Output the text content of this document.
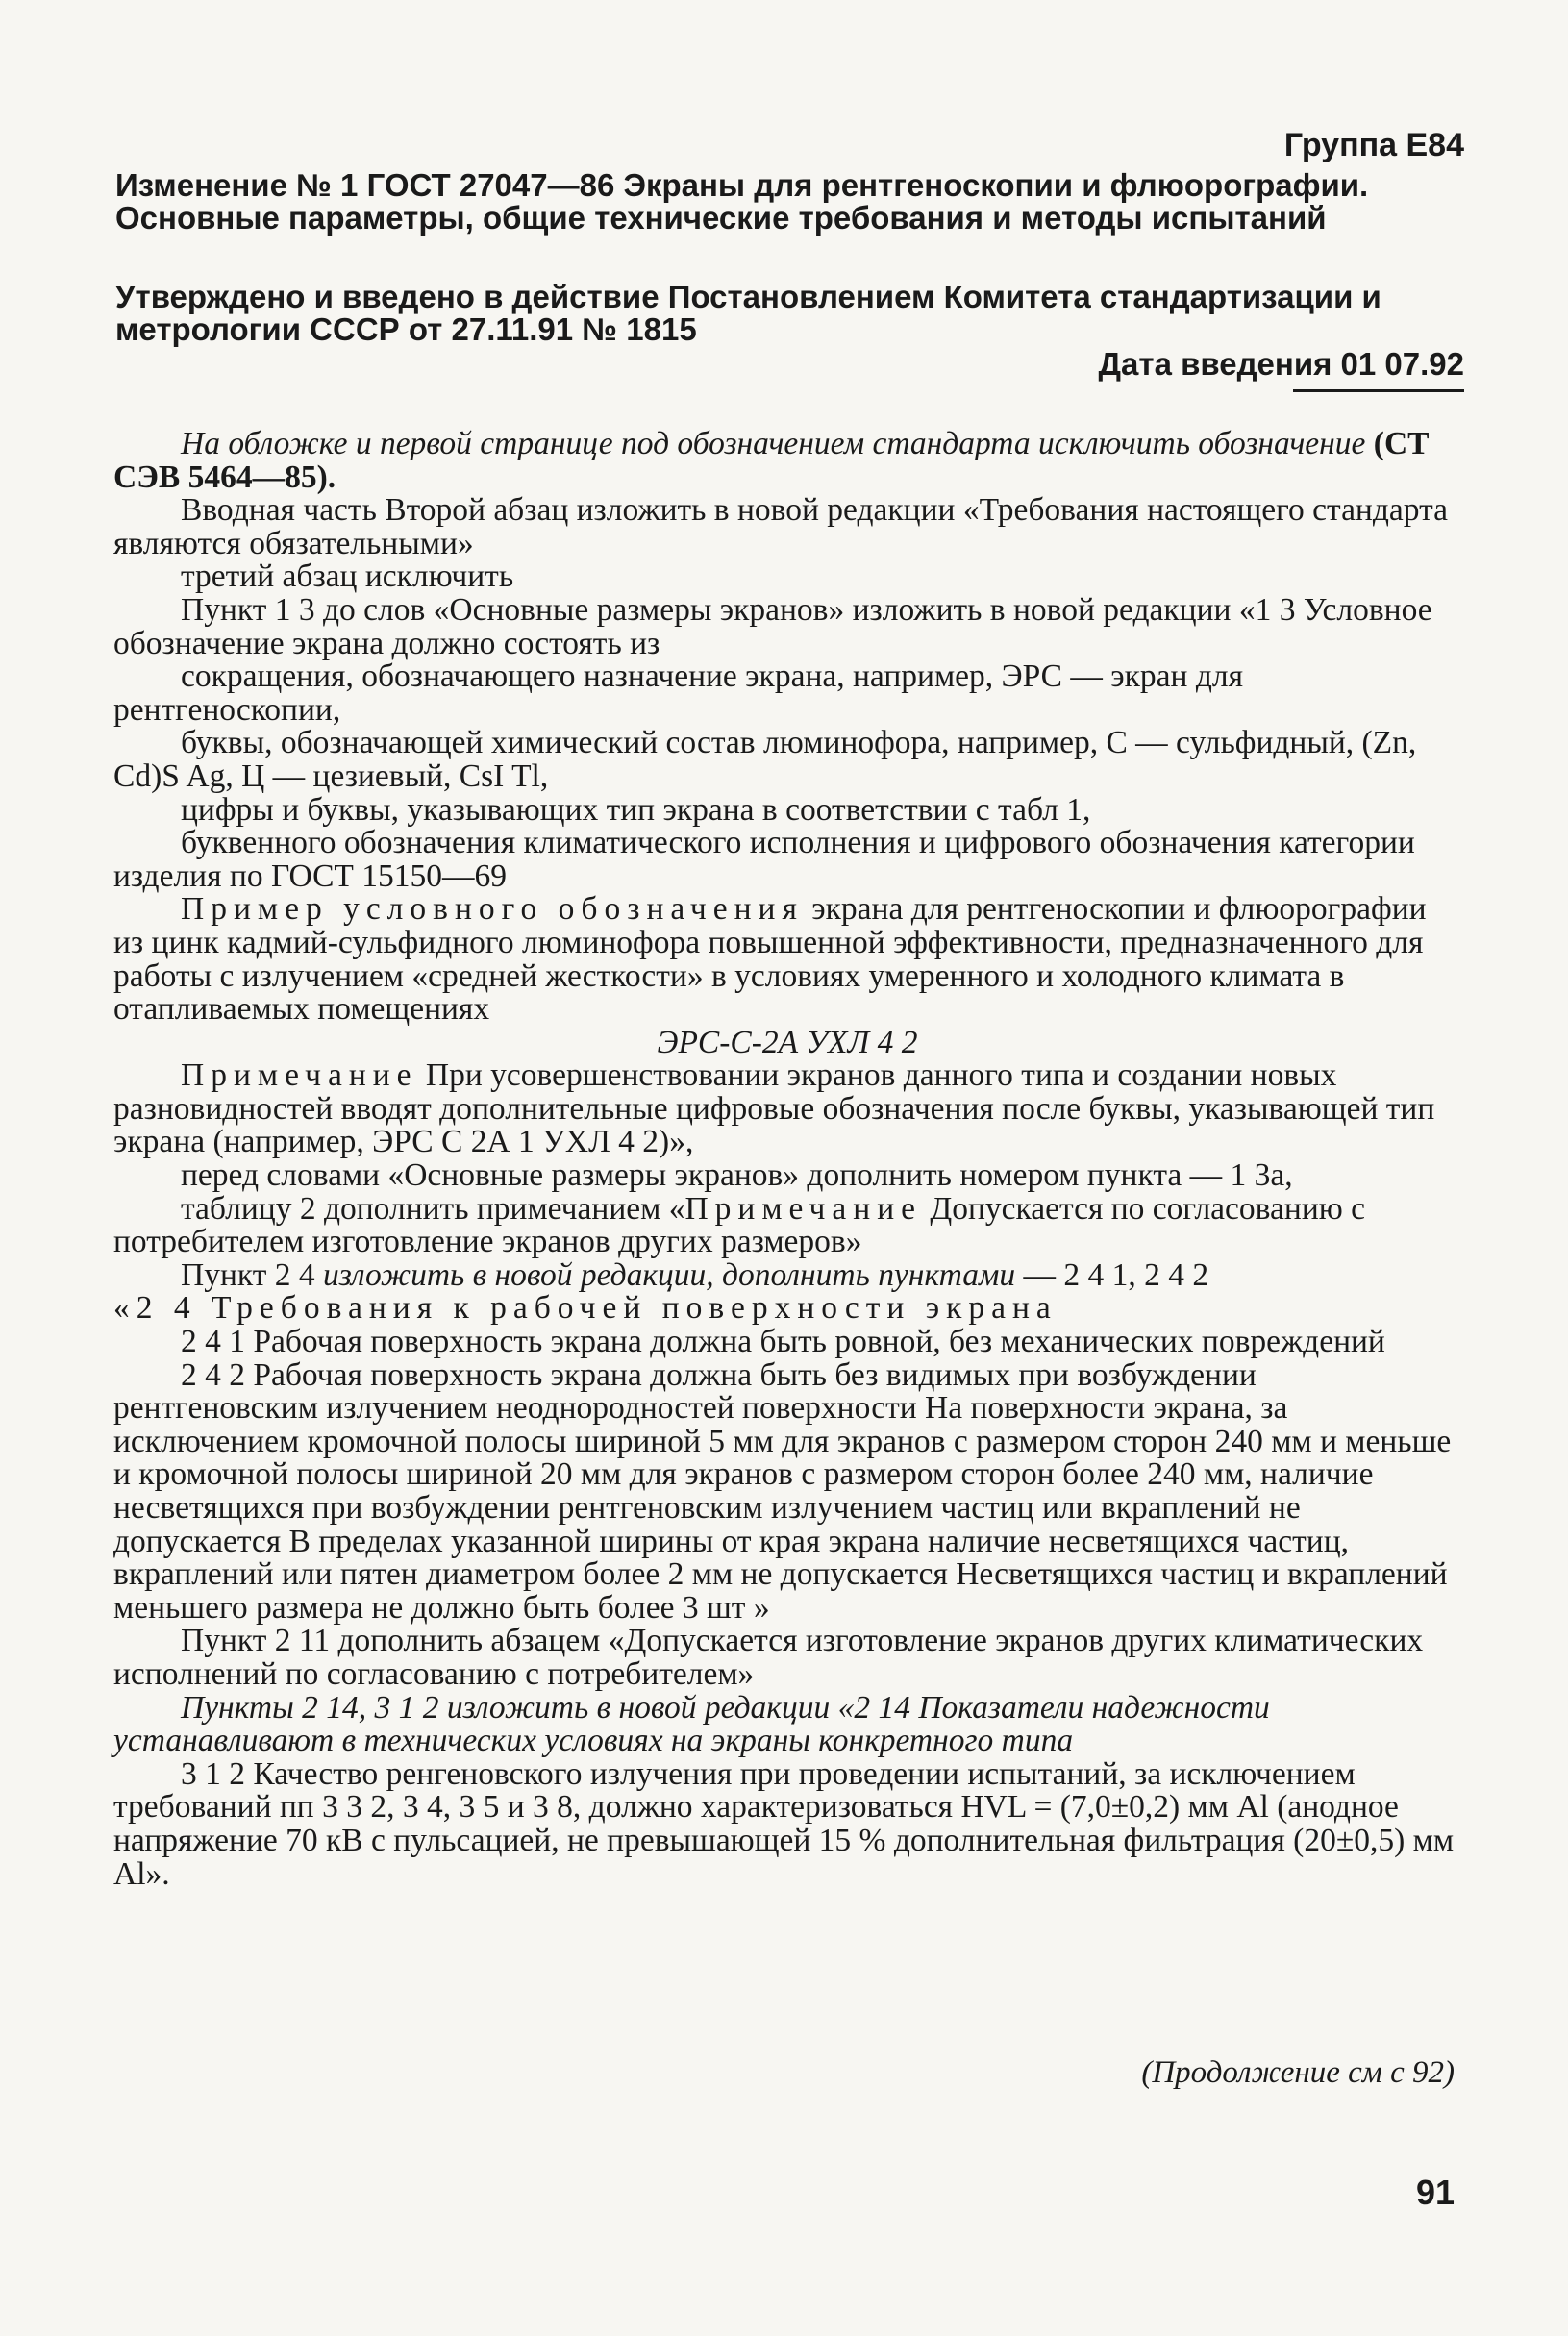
Группа Е84
Изменение № 1 ГОСТ 27047—86 Экраны для рентгеноскопии и флюорографии. Основные параметры, общие технические требования и методы испытаний
Утверждено и введено в действие Постановлением Комитета стандартизации и метрологии СССР от 27.11.91 № 1815
Дата введения 01 07.92

На обложке и первой странице под обозначением стандарта исключить обозначение (СТ СЭВ 5464—85).

Вводная часть Второй абзац изложить в новой редакции «Требования настоящего стандарта являются обязательными»

третий абзац исключить

Пункт 1 3 до слов «Основные размеры экранов» изложить в новой редакции «1 3 Условное обозначение экрана должно состоять из

сокращения, обозначающего назначение экрана, например, ЭРС — экран для рентгеноскопии,

буквы, обозначающей химический состав люминофора, например, С — сульфидный, (Zn, Cd)S Ag, Ц — цезиевый, CsI Tl,

цифры и буквы, указывающих тип экрана в соответствии с табл 1,

буквенного обозначения климатического исполнения и цифрового обозначения категории изделия по ГОСТ 15150—69

Пример условного обозначения экрана для рентгеноскопии и флюорографии из цинк кадмий-сульфидного люминофора повышенной эффективности, предназначенного для работы с излучением «средней жесткости» в условиях умеренного и холодного климата в отапливаемых помещениях

ЭРС-С-2А УХЛ 4 2

Примечание При усовершенствовании экранов данного типа и создании новых разновидностей вводят дополнительные цифровые обозначения после буквы, указывающей тип экрана (например, ЭРС С 2А 1 УХЛ 4 2)»,

перед словами «Основные размеры экранов» дополнить номером пункта — 1 3а,

таблицу 2 дополнить примечанием «Примечание Допускается по согласованию с потребителем изготовление экранов других размеров»

Пункт 2 4 изложить в новой редакции, дополнить пунктами — 2 4 1, 2 4 2

«2 4 Требования к рабочей поверхности экрана

2 4 1 Рабочая поверхность экрана должна быть ровной, без механических повреждений

2 4 2 Рабочая поверхность экрана должна быть без видимых при возбуждении рентгеновским излучением неоднородностей поверхности На поверхности экрана, за исключением кромочной полосы шириной 5 мм для экранов с размером сторон 240 мм и меньше и кромочной полосы шириной 20 мм для экранов с размером сторон более 240 мм, наличие несветящихся при возбуждении рентгеновским излучением частиц или вкраплений не допускается В пределах указанной ширины от края экрана наличие несветящихся частиц, вкраплений или пятен диаметром более 2 мм не допускается Несветящихся частиц и вкраплений меньшего размера не должно быть более 3 шт »

Пункт 2 11 дополнить абзацем «Допускается изготовление экранов других климатических исполнений по согласованию с потребителем»

Пункты 2 14, 3 1 2 изложить в новой редакции «2 14 Показатели надежности устанавливают в технических условиях на экраны конкретного типа

3 1 2 Качество ренгеновского излучения при проведении испытаний, за исключением требований пп 3 3 2, 3 4, 3 5 и 3 8, должно характеризоваться HVL = (7,0±0,2) мм Al (анодное напряжение 70 кВ с пульсацией, не превышающей 15 % дополнительная фильтрация (20±0,5) мм Al».

(Продолжение см с 92)
91
